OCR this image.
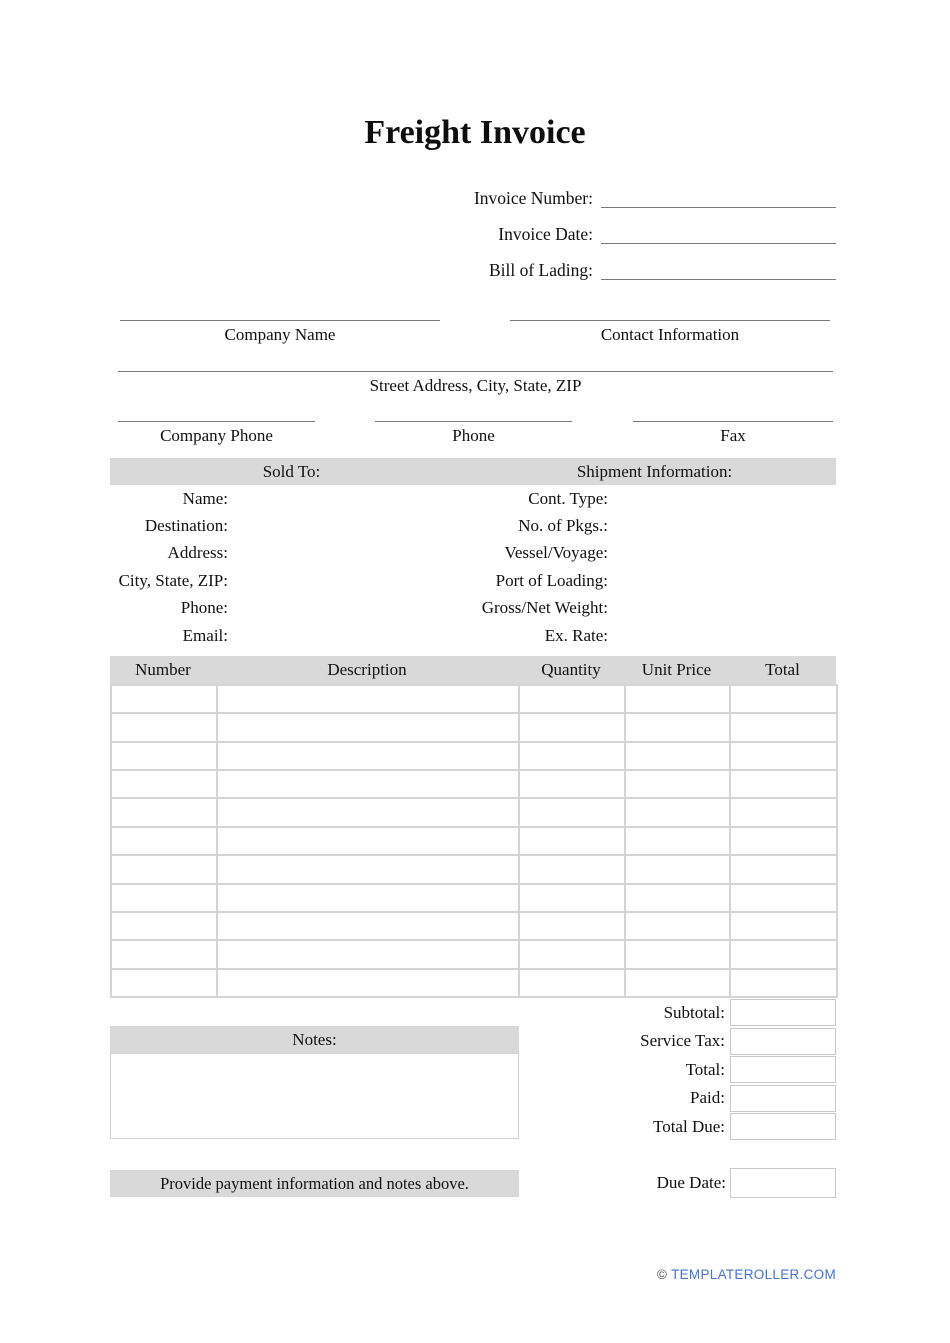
Freight Invoice
Invoice Number:
Invoice Date:
Bill of Lading:
Company Name	Contact Information
Street Address, City, State, ZIP
Company Phone	Phone	Fax
Sold To:	Shipment Information:
Name:
Destination:
Address:
City, State, ZIP:
Phone:
Email:
Cont. Type:
No. of Pkgs.:
Vessel/Voyage:
Port of Loading:
Gross/Net Weight:
Ex. Rate:
Number	Description	Quantity	Unit Price	Total

Subtotal:
Service Tax:
Total:
Paid:
Total Due:
Notes:
Provide payment information and notes above.	Due Date:
© TEMPLATEROLLER.COM
